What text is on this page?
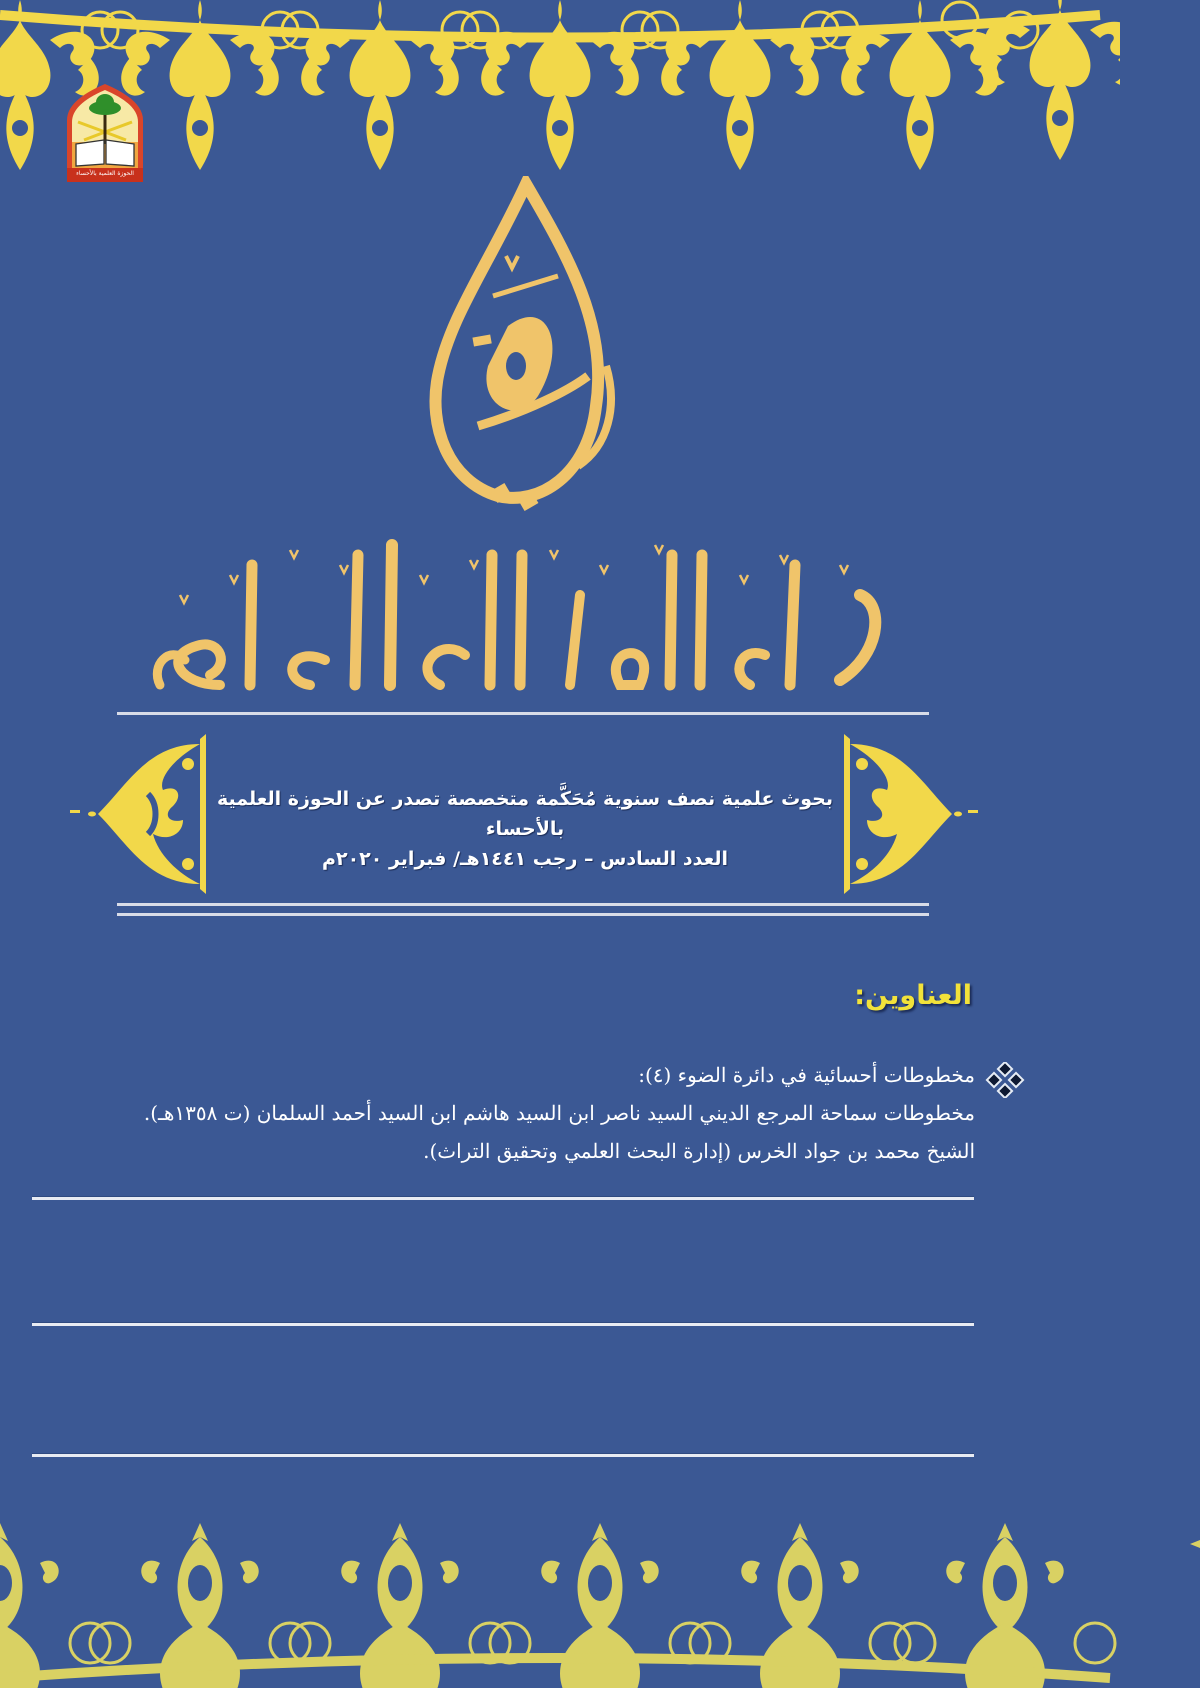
الحوزة العلمية بالأحساء
بحوث علمية نصف سنوية مُحَكَّمة متخصصة تصدر عن الحوزة العلمية بالأحساء
العدد السادس – رجب ١٤٤١هـ/ فبراير ٢٠٢٠م
العناوين:
مخطوطات أحسائية في دائرة الضوء (٤):
مخطوطات سماحة المرجع الديني السيد ناصر ابن السيد هاشم ابن السيد أحمد السلمان (ت ١٣٥٨هـ).
الشيخ محمد بن جواد الخرس (إدارة البحث العلمي وتحقيق التراث).
